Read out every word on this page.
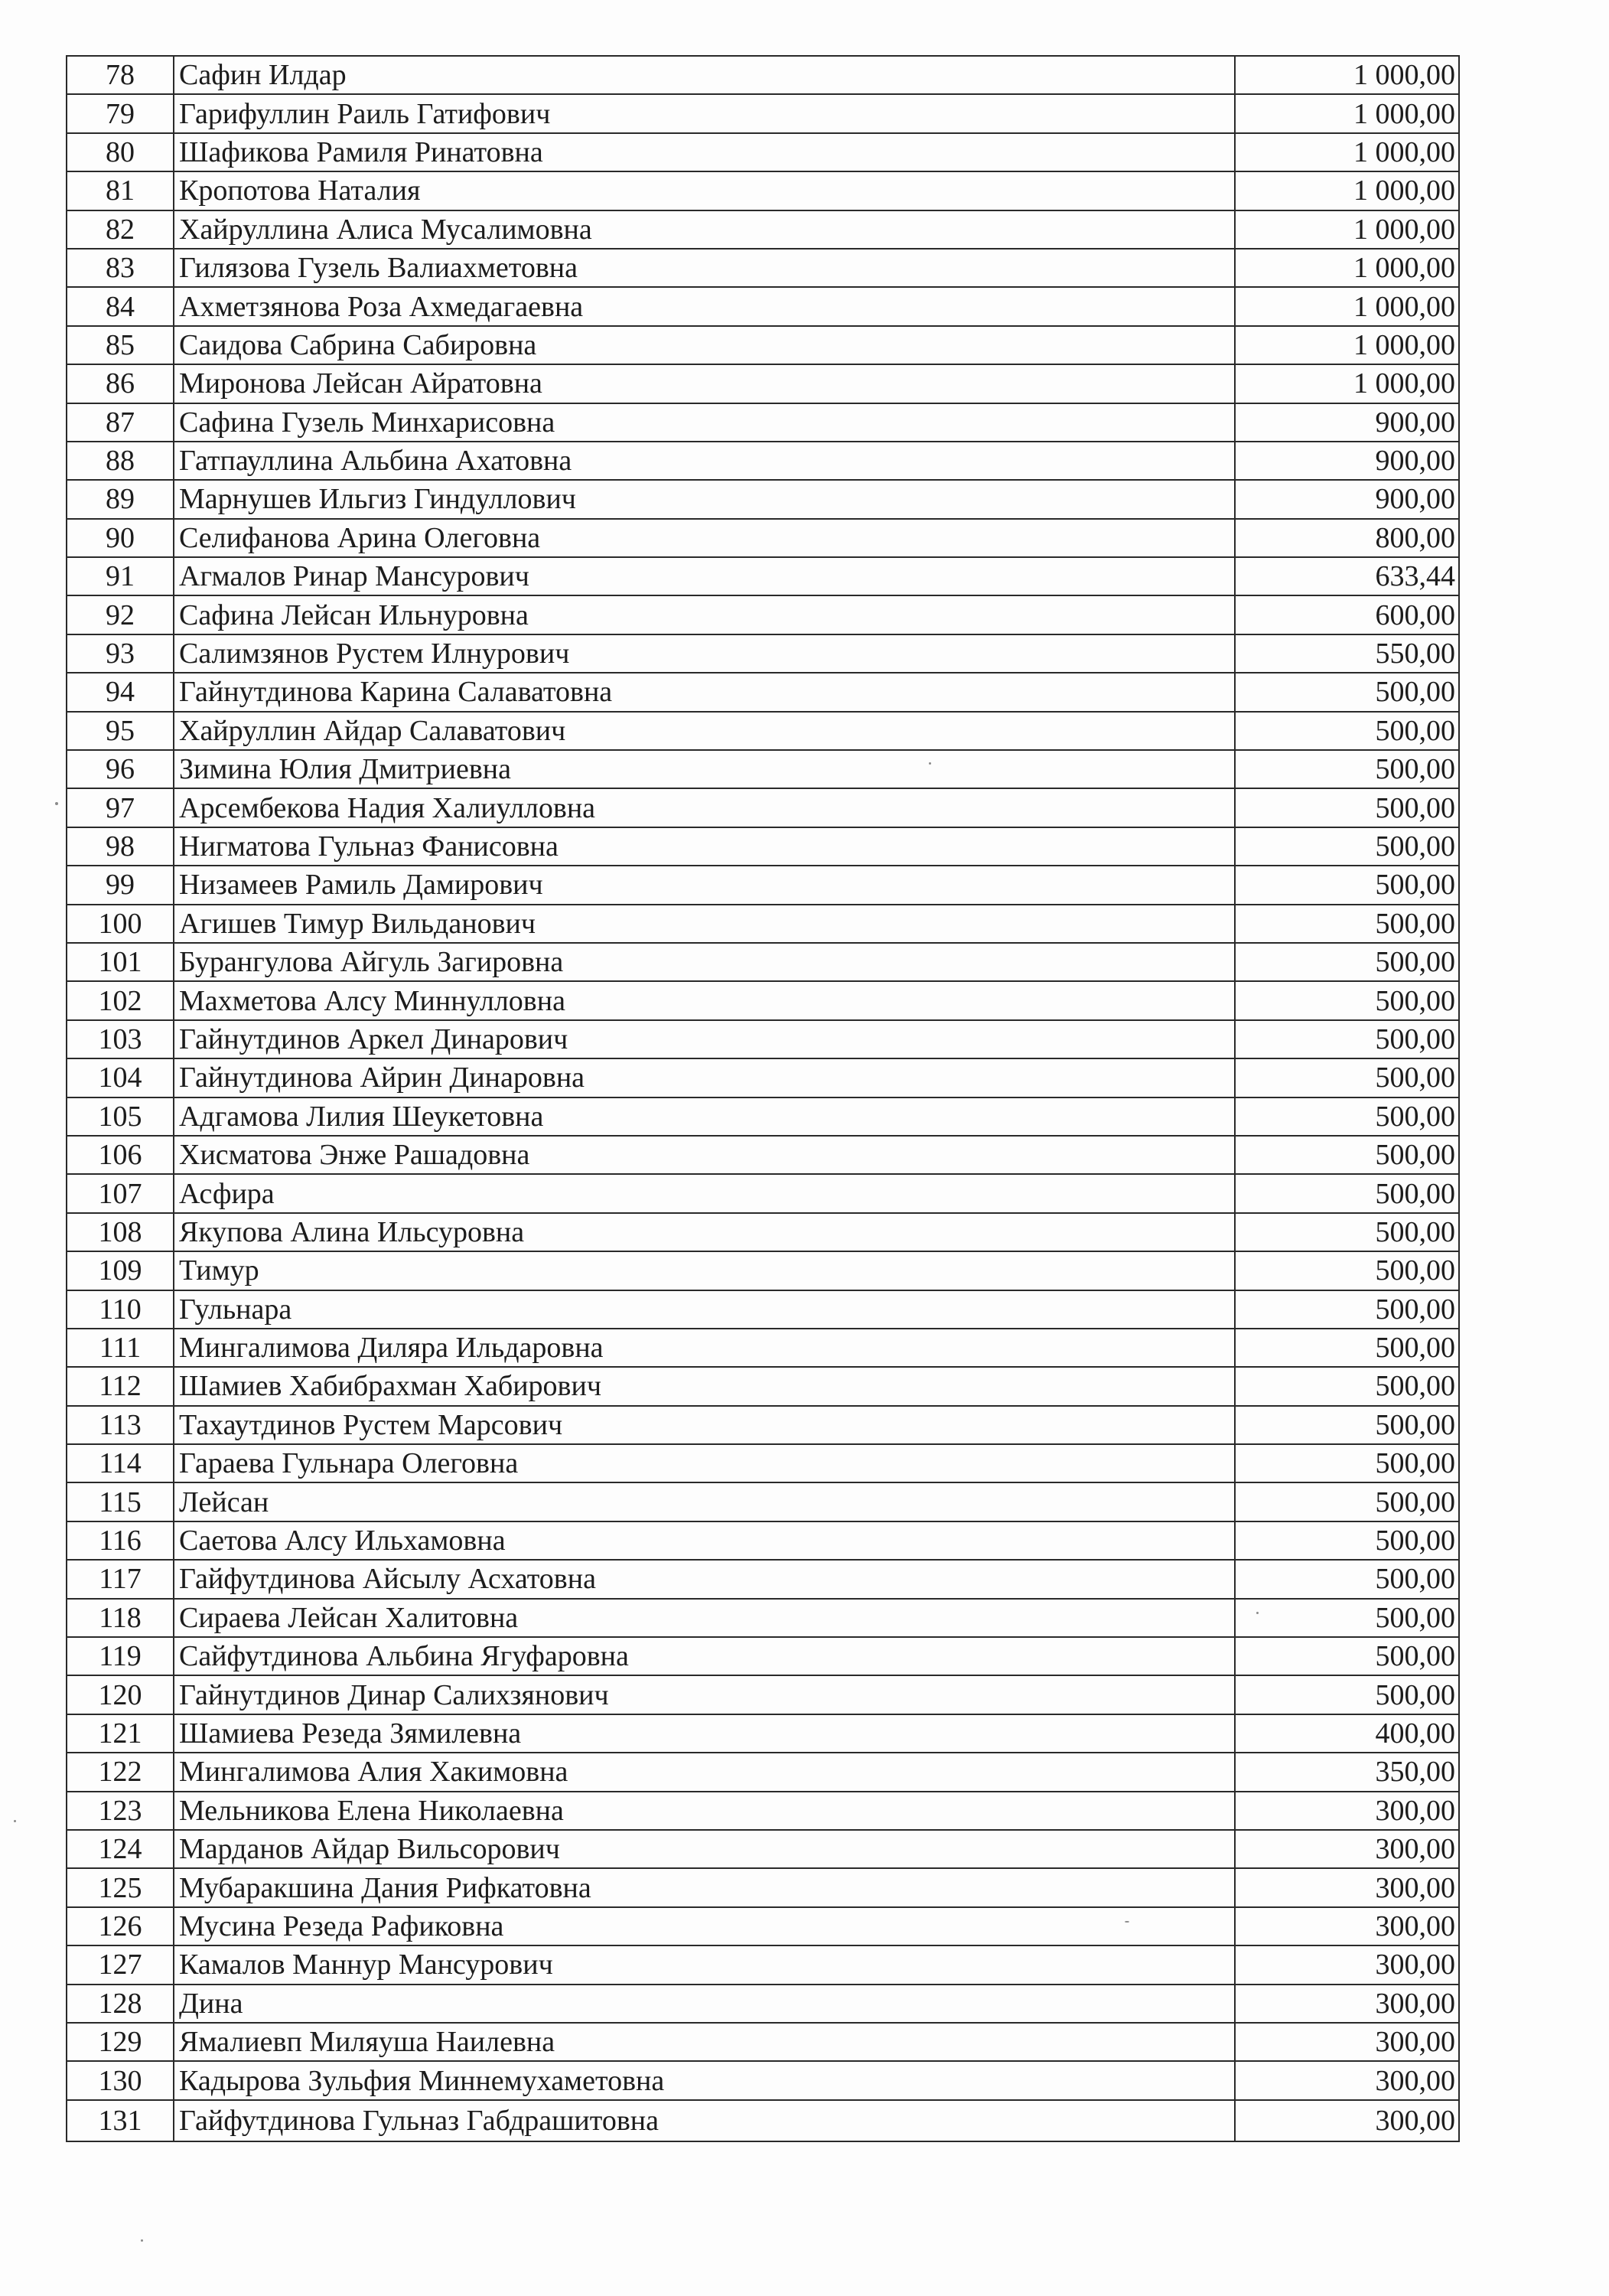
78	Сафин Илдар	1 000,00
79	Гарифуллин Раиль Гатифович	1 000,00
80	Шафикова Рамиля Ринатовна	1 000,00
81	Кропотова Наталия	1 000,00
82	Хайруллина Алиса Мусалимовна	1 000,00
83	Гилязова Гузель Валиахметовна	1 000,00
84	Ахметзянова Роза Ахмедагаевна	1 000,00
85	Саидова Сабрина Сабировна	1 000,00
86	Миронова Лейсан Айратовна	1 000,00
87	Сафина Гузель Минхарисовна	900,00
88	Гатпауллина Альбина Ахатовна	900,00
89	Марнушев Ильгиз Гиндуллович	900,00
90	Селифанова Арина Олеговна	800,00
91	Агмалов Ринар Мансурович	633,44
92	Сафина Лейсан Ильнуровна	600,00
93	Салимзянов Рустем Илнурович	550,00
94	Гайнутдинова Карина Салаватовна	500,00
95	Хайруллин Айдар Салаватович	500,00
96	Зимина Юлия Дмитриевна	500,00
97	Арсембекова Надия Халиулловна	500,00
98	Нигматова Гульназ Фанисовна	500,00
99	Низамеев Рамиль Дамирович	500,00
100	Агишев Тимур Вильданович	500,00
101	Бурангулова Айгуль Загировна	500,00
102	Махметова Алсу Миннулловна	500,00
103	Гайнутдинов Аркел Динарович	500,00
104	Гайнутдинова Айрин Динаровна	500,00
105	Адгамова Лилия Шеукетовна	500,00
106	Хисматова Энже Рашадовна	500,00
107	Асфира	500,00
108	Якупова Алина Ильсуровна	500,00
109	Тимур	500,00
110	Гульнара	500,00
111	Мингалимова Диляра Ильдаровна	500,00
112	Шамиев Хабибрахман Хабирович	500,00
113	Тахаутдинов Рустем Марсович	500,00
114	Гараева Гульнара Олеговна	500,00
115	Лейсан	500,00
116	Саетова Алсу Ильхамовна	500,00
117	Гайфутдинова Айсылу Асхатовна	500,00
118	Сираева Лейсан Халитовна	500,00
119	Сайфутдинова Альбина Ягуфаровна	500,00
120	Гайнутдинов Динар Салихзянович	500,00
121	Шамиева Резеда Зямилевна	400,00
122	Мингалимова Алия Хакимовна	350,00
123	Мельникова Елена Николаевна	300,00
124	Марданов Айдар Вильсорович	300,00
125	Мубаракшина Дания Рифкатовна	300,00
126	Мусина Резеда Рафиковна	300,00
127	Камалов Маннур Мансурович	300,00
128	Дина	300,00
129	Ямалиевп Миляуша Наилевна	300,00
130	Кадырова Зульфия Миннемухаметовна	300,00
131	Гайфутдинова Гульназ Габдрашитовна	300,00
